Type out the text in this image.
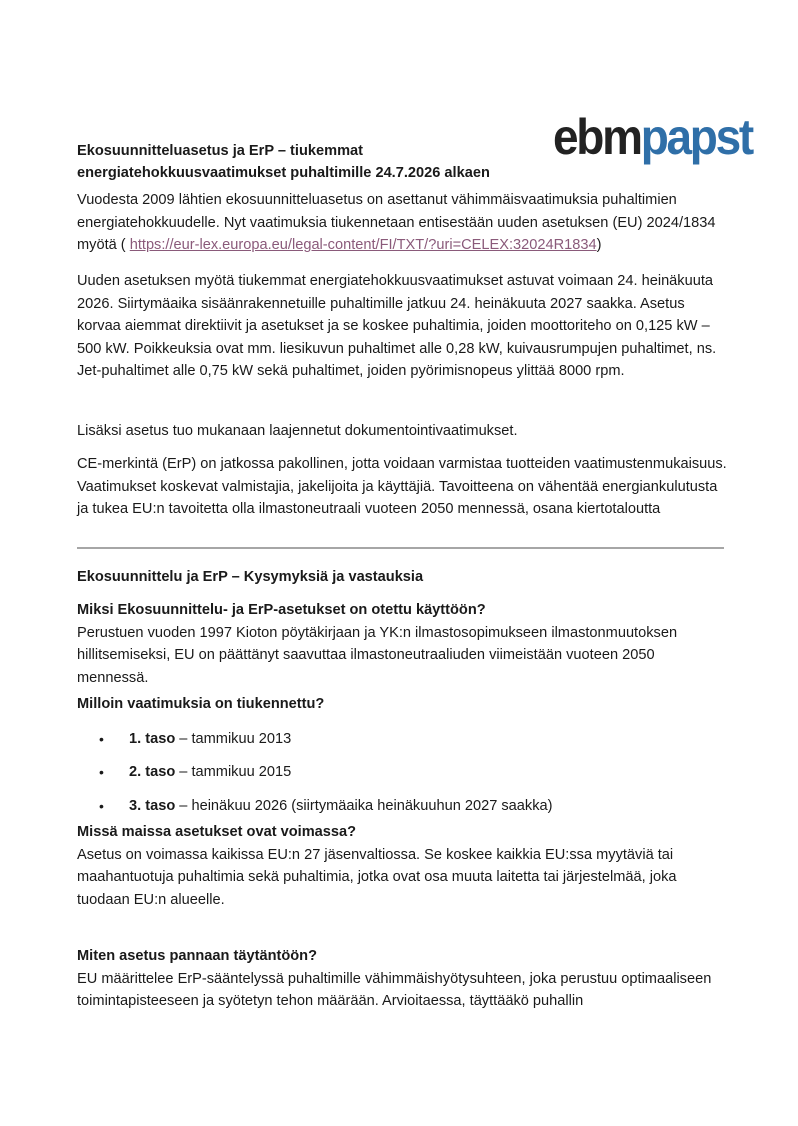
ebmpapst
Ekosuunnitteluasetus ja ErP – tiukemmat
energiatehokkuusvaatimukset puhaltimille 24.7.2026 alkaen

Vuodesta 2009 lähtien ekosuunnitteluasetus on asettanut vähimmäisvaatimuksia puhaltimien energiatehokkuudelle. Nyt vaatimuksia tiukennetaan entisestään uuden asetuksen (EU) 2024/1834 myötä ( https://eur-lex.europa.eu/legal-content/FI/TXT/?uri=CELEX:32024R1834)

Uuden asetuksen myötä tiukemmat energiatehokkuusvaatimukset astuvat voimaan 24. heinäkuuta 2026. Siirtymäaika sisäänrakennetuille puhaltimille jatkuu 24. heinäkuuta 2027 saakka. Asetus korvaa aiemmat direktiivit ja asetukset ja se koskee puhaltimia, joiden moottoriteho on 0,125 kW – 500 kW. Poikkeuksia ovat mm. liesikuvun puhaltimet alle 0,28 kW, kuivausrumpujen puhaltimet, ns. Jet-puhaltimet alle 0,75 kW sekä puhaltimet, joiden pyörimisnopeus ylittää 8000 rpm.

Lisäksi asetus tuo mukanaan laajennetut dokumentointivaatimukset.

CE-merkintä (ErP) on jatkossa pakollinen, jotta voidaan varmistaa tuotteiden vaatimustenmukaisuus. Vaatimukset koskevat valmistajia, jakelijoita ja käyttäjiä. Tavoitteena on vähentää energiankulutusta ja tukea EU:n tavoitetta olla ilmastoneutraali vuoteen 2050 mennessä, osana kiertotaloutta

Ekosuunnittelu ja ErP – Kysymyksiä ja vastauksia

Miksi Ekosuunnittelu- ja ErP-asetukset on otettu käyttöön?

Perustuen vuoden 1997 Kioton pöytäkirjaan ja YK:n ilmastosopimukseen ilmastonmuutoksen hillitsemiseksi, EU on päättänyt saavuttaa ilmastoneutraaliuden viimeistään vuoteen 2050 mennessä.

Milloin vaatimuksia on tiukennettu?

• 1. taso – tammikuu 2013
• 2. taso – tammikuu 2015
• 3. taso – heinäkuu 2026 (siirtymäaika heinäkuuhun 2027 saakka)

Missä maissa asetukset ovat voimassa?

Asetus on voimassa kaikissa EU:n 27 jäsenvaltiossa. Se koskee kaikkia EU:ssa myytäviä tai maahantuotuja puhaltimia sekä puhaltimia, jotka ovat osa muuta laitetta tai järjestelmää, joka tuodaan EU:n alueelle.

Miten asetus pannaan täytäntöön?

EU määrittelee ErP-sääntelyssä puhaltimille vähimmäishyötysuhteen, joka perustuu optimaaliseen toimintapisteeseen ja syötetyn tehon määrään. Arvioitaessa, täyttääkö puhallin
